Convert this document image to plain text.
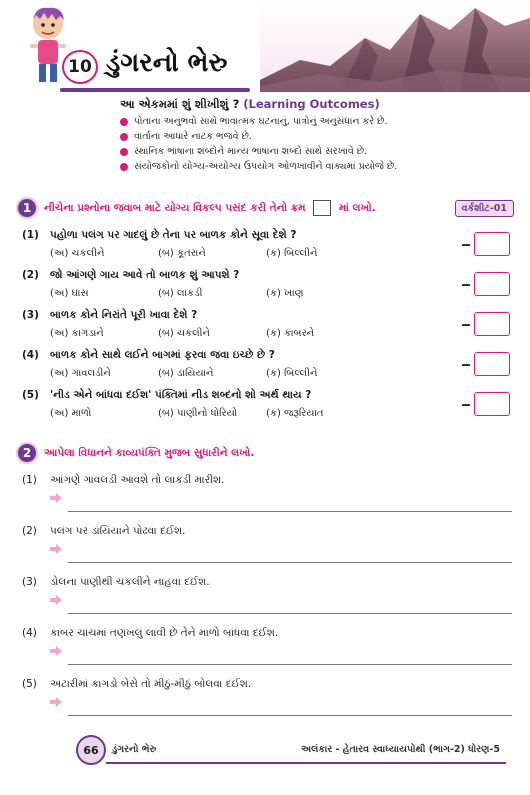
10 ડુંગરનો ભેરુ
આ એકમમાં શું શીખીશું ? (Learning Outcomes)
પોતાના અનુભવો સાથે ભાવાત્મક ઘટનાનું, પાત્રોનું અનુસંધાન કરે છે.
વાર્તાના આધારે નાટક ભજવે છે.
સ્થાનિક ભાષાના શબ્દોને માન્ય ભાષાના શબ્દો સાથે સરખાવે છે.
સંયોજકોનો યોગ્ય-અયોગ્ય ઉપયોગ ઓળખાવીને વાક્યમાં પ્રયોજે છે.
1	નીચેના પ્રશ્નોના જવાબ માટે યોગ્ય વિકલ્પ પસંદ કરી તેનો ક્રમ	માં લખો.	વર્કશીટ-01
(1)	પહોળા પલંગ પર ગાદલું છે તેના પર બાળક કોને સૂવા દેશે ?
(અ) ચકલીને	(બ) કૂતરાને	(ક) બિલ્લીને
(2)	જો આંગણે ગાય આવે તો બાળક શું આપશે ?
(અ) ઘાસ	(બ) લાકડી	(ક) ખાણ
(3)	બાળક કોને નિરાંતે પૂરી ખાવા દેશે ?
(અ) કાગડાને	(બ) ચકલીને	(ક) કાબરને
(4)	બાળક કોને સાથે લઈને બાગમાં ફરવા જવા ઇચ્છે છે ?
(અ) ગાવલડીને	(બ) ડાયિયાને	(ક) બિલ્લીને
(5)	'નીડ એને બાંધવા દઈશ' પંક્તિમાં નીડ શબ્દનો શો અર્થ થાય ?
(અ) માળો	(બ) પાણીનો ધોરિયો	(ક) જરૂરિયાત
2	આપેલા વિધાનને કાવ્યપંક્તિ મુજબ સુધારીને લખો.
(1)	આંગણે ગાવલડી આવશે તો લાકડી મારીશ.
(2)	પલંગ પર ડાયિયાને પોઢવા દઈશ.
(3)	ડોલના પાણીથી ચકલીને નાહવા દઈશ.
(4)	કાબર ચાંચમાં તણખલું લાવી છે તેને માળો બાંધવા દઈશ.
(5)	અટારીમાં કાગડો બેસે તો મીઠું-મીઠું બોલવા દઈશ.
66	ડુંગરનો ભેરુ	અલંકાર - હેતારવ સ્વાધ્યાયપોથી (ભાગ-2) ધોરણ-5
